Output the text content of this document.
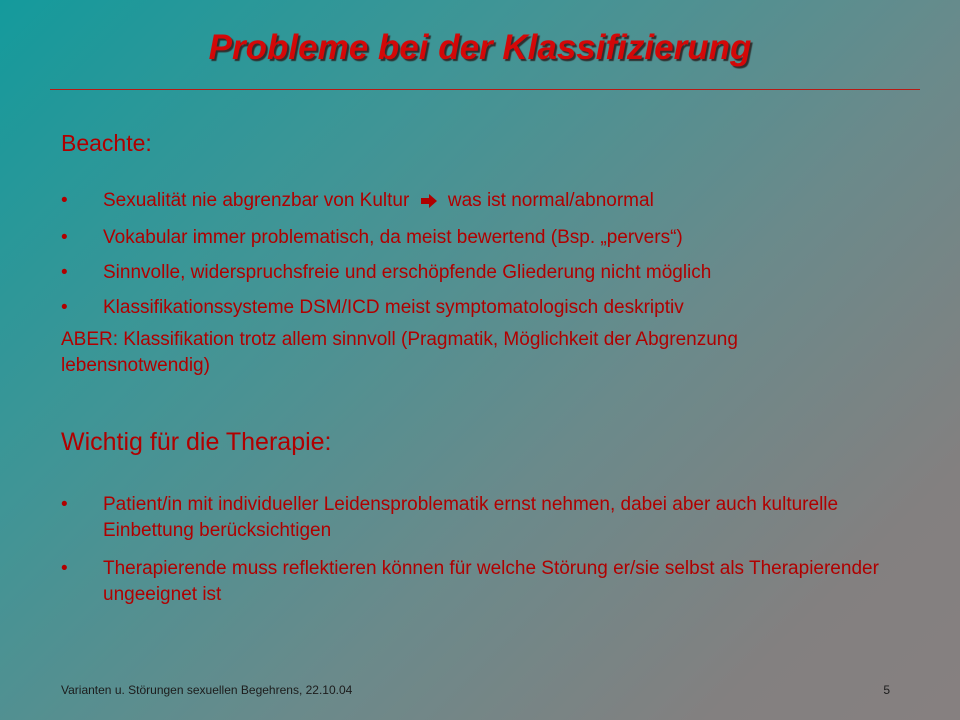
Probleme bei der Klassifizierung
Beachte:
• Sexualität nie abgrenzbar von Kultur was ist normal/abnormal
• Vokabular immer problematisch, da meist bewertend (Bsp. „pervers“)
• Sinnvolle, widerspruchsfreie und erschöpfende Gliederung nicht möglich
• Klassifikationssysteme DSM/ICD meist symptomatologisch deskriptiv
ABER: Klassifikation trotz allem sinnvoll (Pragmatik, Möglichkeit der Abgrenzung lebensnotwendig)
Wichtig für die Therapie:
• Patient/in mit individueller Leidensproblematik ernst nehmen, dabei aber auch kulturelle Einbettung berücksichtigen
• Therapierende muss reflektieren können für welche Störung er/sie selbst als Therapierender ungeeignet ist
Varianten u. Störungen sexuellen Begehrens, 22.10.04	5
